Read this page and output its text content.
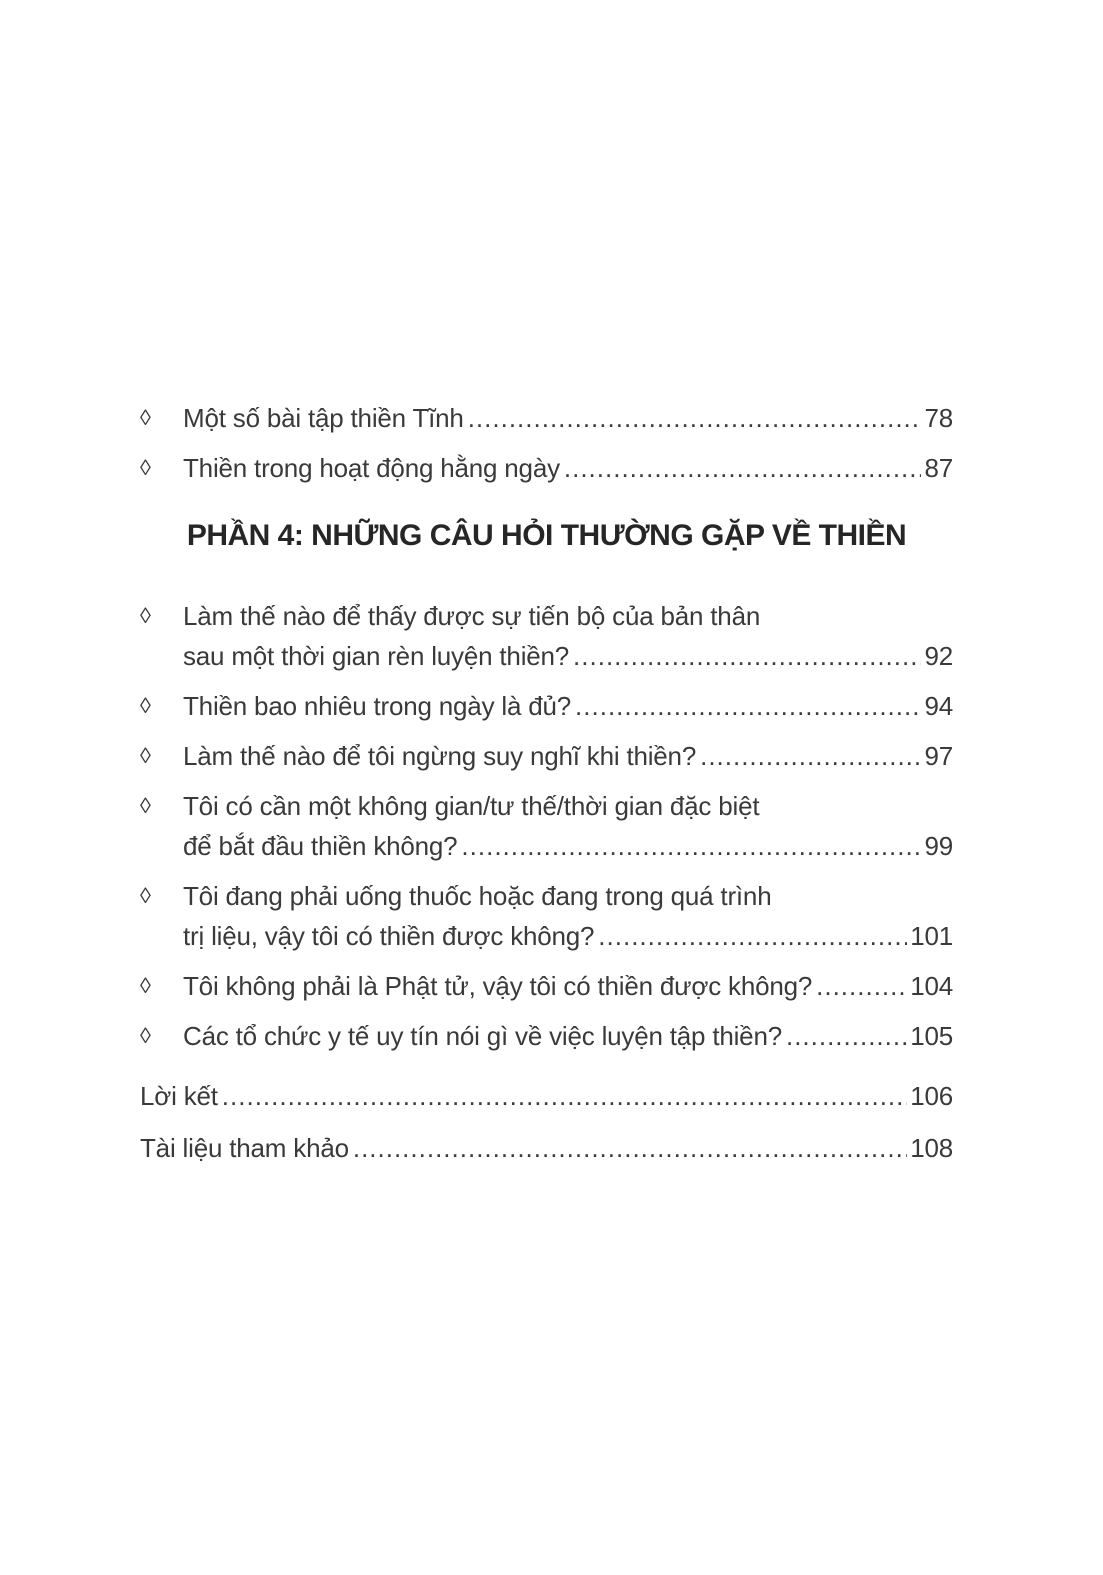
◊	Một số bài tập thiền Tĩnh .....	78
◊	Thiền trong hoạt động hằng ngày .....	87
PHẦN 4: NHỮNG CÂU HỎI THƯỜNG GẶP VỀ THIỀN
◊	Làm thế nào để thấy được sự tiến bộ của bản thân
sau một thời gian rèn luyện thiền? .....	92
◊	Thiền bao nhiêu trong ngày là đủ? .....	94
◊	Làm thế nào để tôi ngừng suy nghĩ khi thiền? .....	97
◊	Tôi có cần một không gian/tư thế/thời gian đặc biệt
để bắt đầu thiền không? .....	99
◊	Tôi đang phải uống thuốc hoặc đang trong quá trình
trị liệu, vậy tôi có thiền được không? .....	101
◊	Tôi không phải là Phật tử, vậy tôi có thiền được không? .....	104
◊	Các tổ chức y tế uy tín nói gì về việc luyện tập thiền? .....	105
Lời kết .....	106
Tài liệu tham khảo .....	108
